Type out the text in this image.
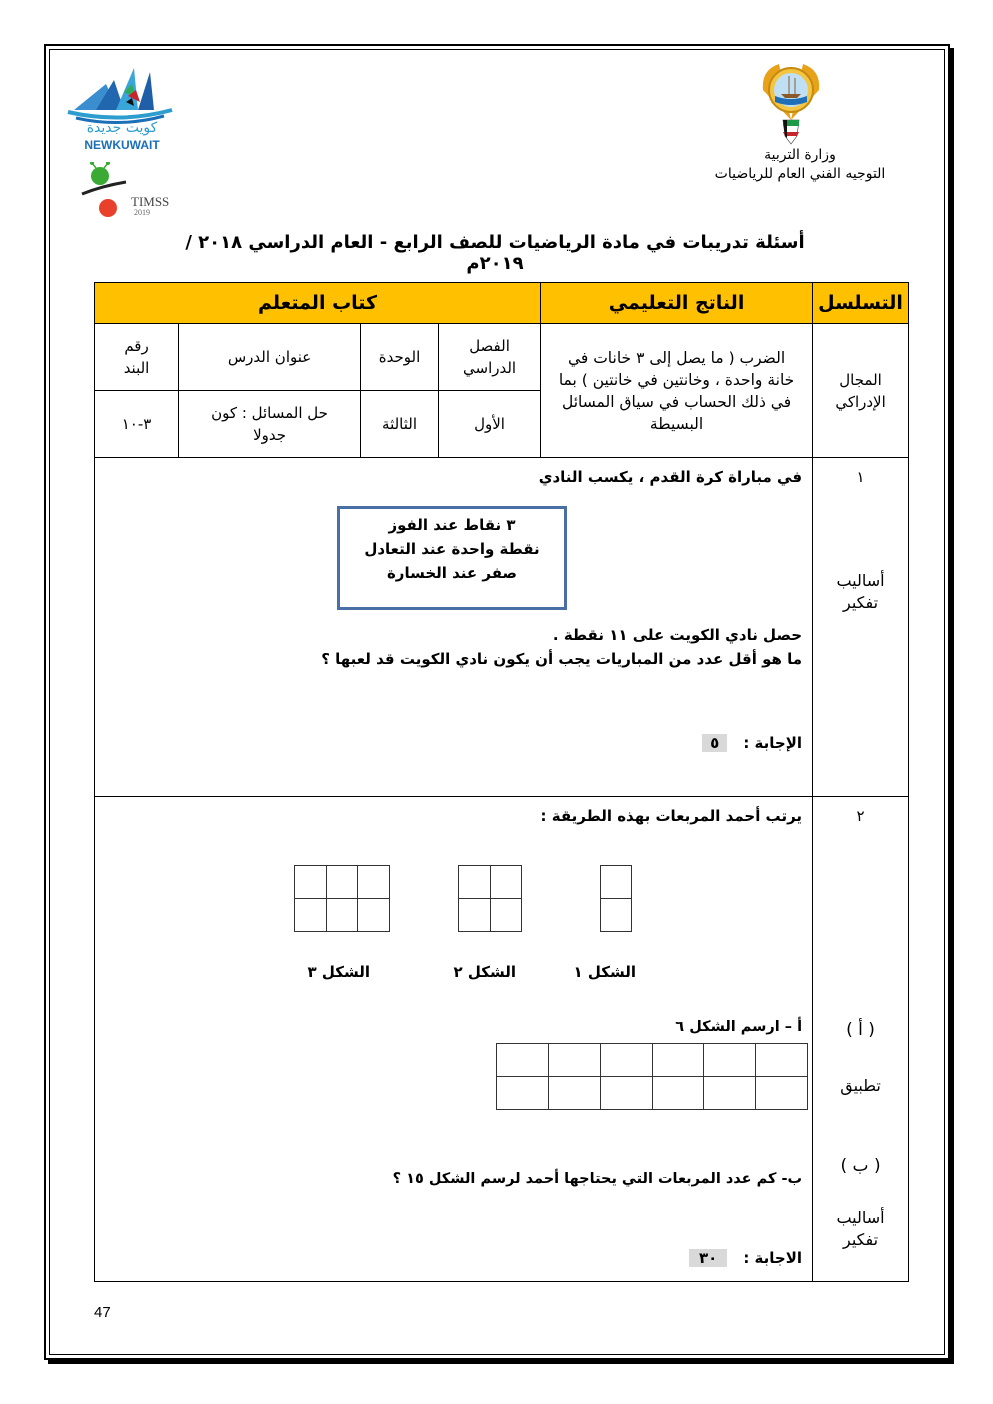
كويت جديدة
NEWKUWAIT
TIMSS
2019
وزارة التربية
التوجيه الفني العام للرياضيات
أسئلة تدريبات في مادة الرياضيات للصف الرابع - العام الدراسي ٢٠١٨ / ٢٠١٩م
التسلسل	الناتج التعليمي	كتاب المتعلم
المجال الإدراكي	الضرب ( ما يصل إلى ٣ خانات في خانة واحدة ، وخانتين في خانتين ) بما في ذلك الحساب في سياق المسائل البسيطة	الفصل الدراسي	الوحدة	عنوان الدرس	رقم البند
الأول	الثالثة	حل المسائل : كون جدولا	٣-١٠

١
أساليب تفكير

في مباراة كرة القدم ، يكسب النادي
٣ نقاط عند الفوز
نقطة واحدة عند التعادل
صفر عند الخسارة
حصل نادي الكويت على ١١ نقطة .
ما هو أقل عدد من المباريات يجب أن يكون نادي الكويت قد لعبها ؟
الإجابة :٥

٢
( أ )
تطبيق
( ب )
أساليب تفكير

يرتب أحمد المربعات بهذه الطريقة :

الشكل ١

الشكل ٢

الشكل ٣
أ – ارسم الشكل ٦

ب- كم عدد المربعات التي يحتاجها أحمد لرسم الشكل ١٥ ؟
الاجابة :٣٠
47
